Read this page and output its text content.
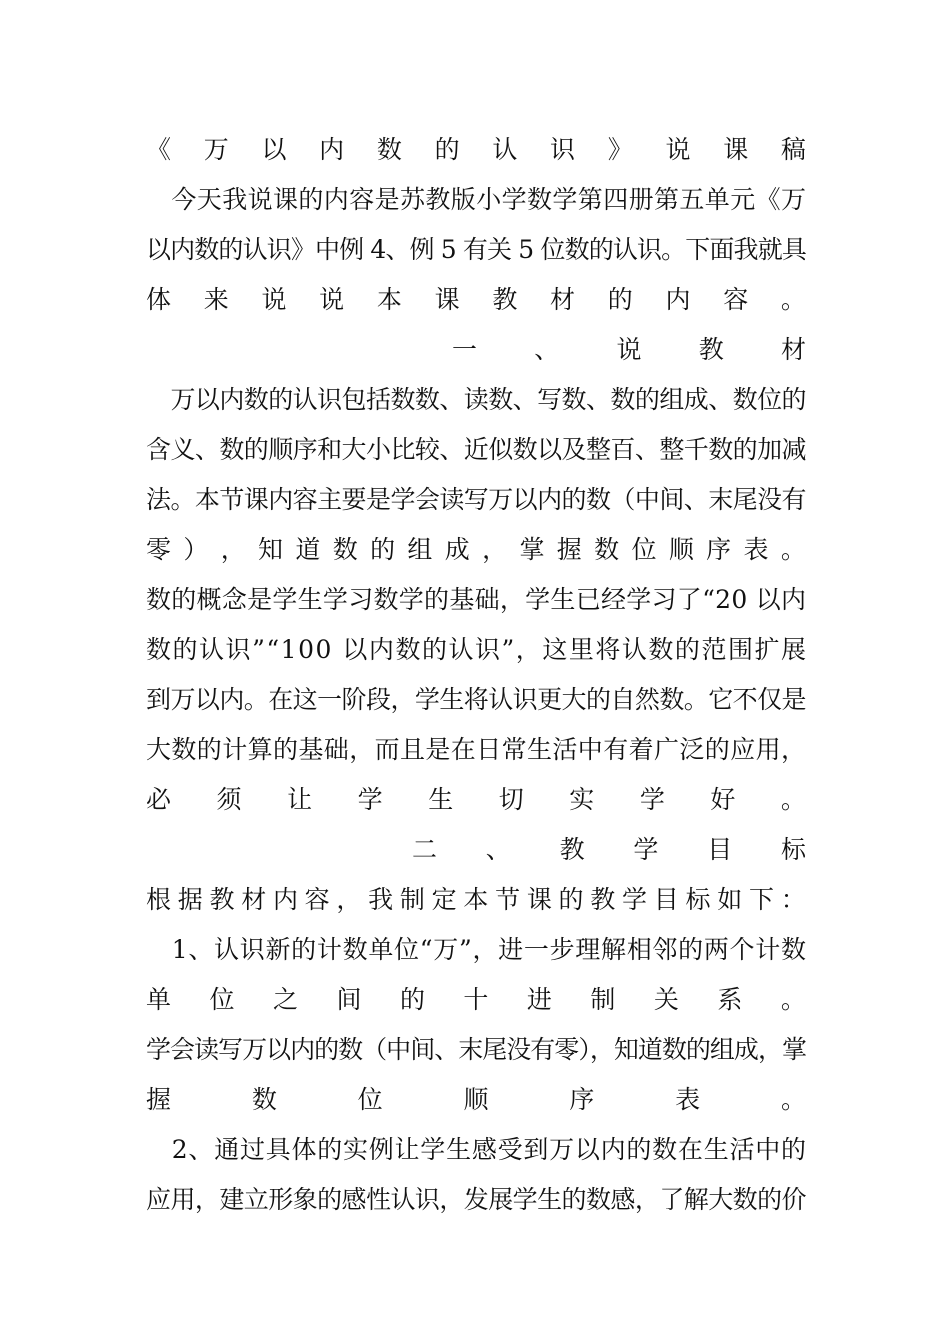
《 万 以 内 数 的 认 识 》 说 课 稿
　今天我说课的内容是苏教版小学数学第四册第五单元《万
以内数的认识》中例 4、例 5 有关 5 位数的认识。下面我就具
体 来 说 说 本 课 教 材 的 内 容 。
一 、 说 教 材
　万以内数的认识包括数数、读数、写数、数的组成、数位的
含义、数的顺序和大小比较、近似数以及整百、整千数的加减
法。本节课内容主要是学会读写万以内的数（中间、末尾没有
零 ） ， 知 道 数 的 组 成 ， 掌 握 数 位 顺 序 表 。
数的概念是学生学习数学的基础，学生已经学习了“20 以内
数的认识”“100 以内数的认识”，这里将认数的范围扩展
到万以内。在这一阶段，学生将认识更大的自然数。它不仅是
大数的计算的基础，而且是在日常生活中有着广泛的应用，
必 须 让 学 生 切 实 学 好 。
二 、 教 学 目 标
根 据 教 材 内 容 ， 我 制 定 本 节 课 的 教 学 目 标 如 下 ：
　1、认识新的计数单位“万”，进一步理解相邻的两个计数
单 位 之 间 的 十 进 制 关 系 。
学会读写万以内的数（中间、末尾没有零），知道数的组成，掌
握	数	位	顺	序	表	。
　2、通过具体的实例让学生感受到万以内的数在生活中的
应用，建立形象的感性认识，发展学生的数感，了解大数的价
